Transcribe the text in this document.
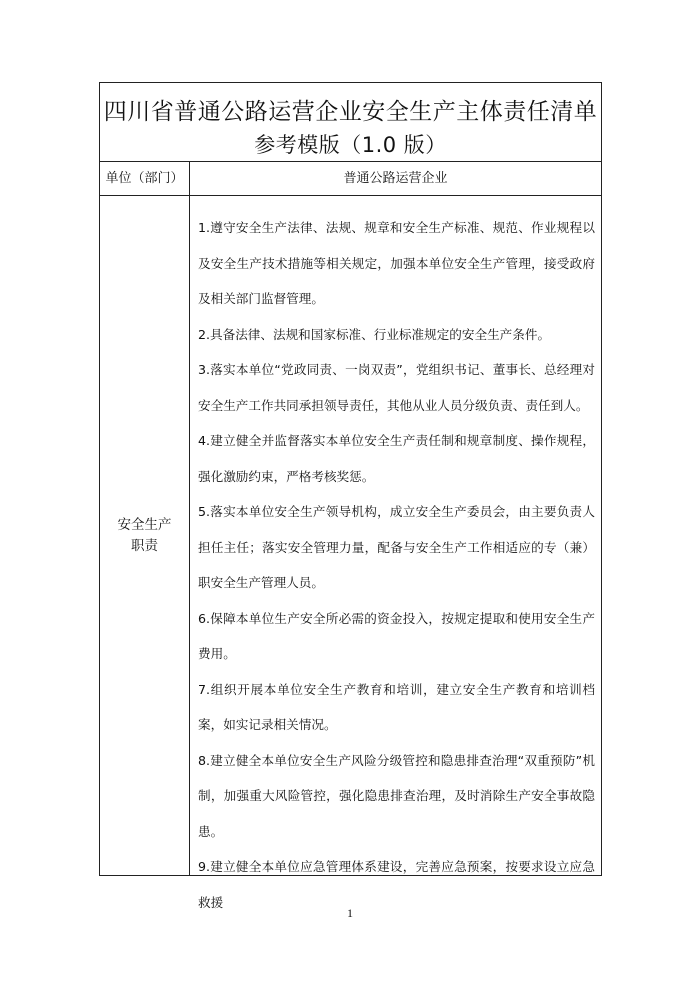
四川省普通公路运营企业安全生产主体责任清单
参考模版（1.0 版）
单位（部门）	普通公路运营企业
安全生产
职责

1.遵守安全生产法律、法规、规章和安全生产标准、规范、作业规程以及安全生产技术措施等相关规定，加强本单位安全生产管理，接受政府及相关部门监督管理。

2.具备法律、法规和国家标准、行业标准规定的安全生产条件。

3.落实本单位“党政同责、一岗双责”，党组织书记、董事长、总经理对安全生产工作共同承担领导责任，其他从业人员分级负责、责任到人。

4.建立健全并监督落实本单位安全生产责任制和规章制度、操作规程，强化激励约束，严格考核奖惩。

5.落实本单位安全生产领导机构，成立安全生产委员会，由主要负责人担任主任；落实安全管理力量，配备与安全生产工作相适应的专（兼）职安全生产管理人员。

6.保障本单位生产安全所必需的资金投入，按规定提取和使用安全生产费用。

7.组织开展本单位安全生产教育和培训，建立安全生产教育和培训档案，如实记录相关情况。

8.建立健全本单位安全生产风险分级管控和隐患排查治理“双重预防”机制，加强重大风险管控，强化隐患排查治理，及时消除生产安全事故隐患。

9.建立健全本单位应急管理体系建设，完善应急预案，按要求设立应急救援

1
